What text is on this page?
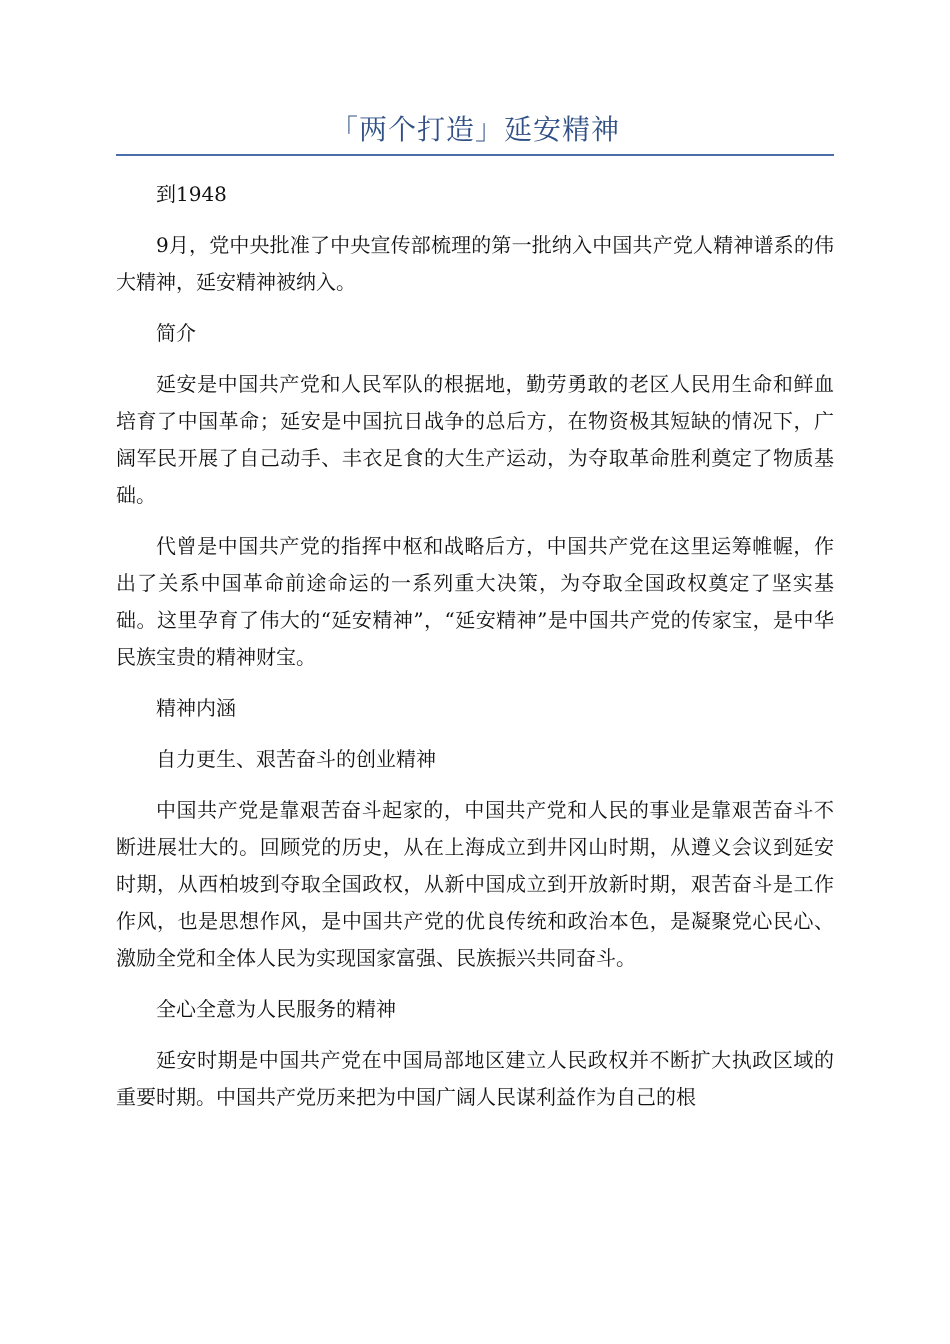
「两个打造」延安精神

到1948

9月，党中央批准了中央宣传部梳理的第一批纳入中国共产党人精神谱系的伟大精神，延安精神被纳入。

简介

延安是中国共产党和人民军队的根据地，勤劳勇敢的老区人民用生命和鲜血培育了中国革命；延安是中国抗日战争的总后方，在物资极其短缺的情况下，广阔军民开展了自己动手、丰衣足食的大生产运动，为夺取革命胜利奠定了物质基础。

代曾是中国共产党的指挥中枢和战略后方，中国共产党在这里运筹帷幄，作出了关系中国革命前途命运的一系列重大决策，为夺取全国政权奠定了坚实基础。这里孕育了伟大的“延安精神”，“延安精神”是中国共产党的传家宝，是中华民族宝贵的精神财宝。

精神内涵

自力更生、艰苦奋斗的创业精神

中国共产党是靠艰苦奋斗起家的，中国共产党和人民的事业是靠艰苦奋斗不断进展壮大的。回顾党的历史，从在上海成立到井冈山时期，从遵义会议到延安时期，从西柏坡到夺取全国政权，从新中国成立到开放新时期，艰苦奋斗是工作作风，也是思想作风，是中国共产党的优良传统和政治本色，是凝聚党心民心、激励全党和全体人民为实现国家富强、民族振兴共同奋斗。

全心全意为人民服务的精神

延安时期是中国共产党在中国局部地区建立人民政权并不断扩大执政区域的重要时期。中国共产党历来把为中国广阔人民谋利益作为自己的根
